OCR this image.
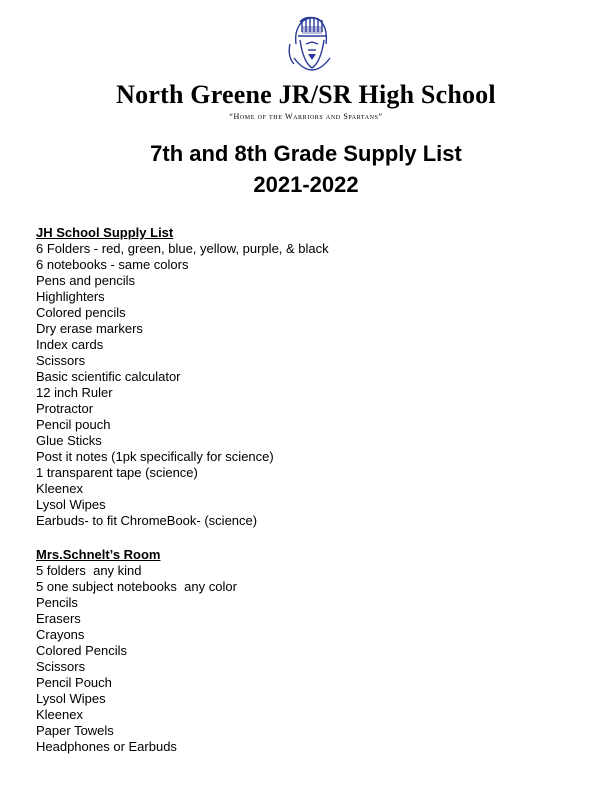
North Greene JR/SR High School
“Home of the Warriors and Spartans”
7th and 8th Grade Supply List
2021-2022
JH School Supply List
6 Folders - red, green, blue, yellow, purple, & black
6 notebooks - same colors
Pens and pencils
Highlighters
Colored pencils
Dry erase markers
Index cards
Scissors
Basic scientific calculator
12 inch Ruler
Protractor
Pencil pouch
Glue Sticks
Post it notes (1pk specifically for science)
1 transparent tape (science)
Kleenex
Lysol Wipes
Earbuds- to fit ChromeBook- (science)
Mrs.Schnelt’s Room
5 folders  any kind
5 one subject notebooks  any color
Pencils
Erasers
Crayons
Colored Pencils
Scissors
Pencil Pouch
Lysol Wipes
Kleenex
Paper Towels
Headphones or Earbuds
